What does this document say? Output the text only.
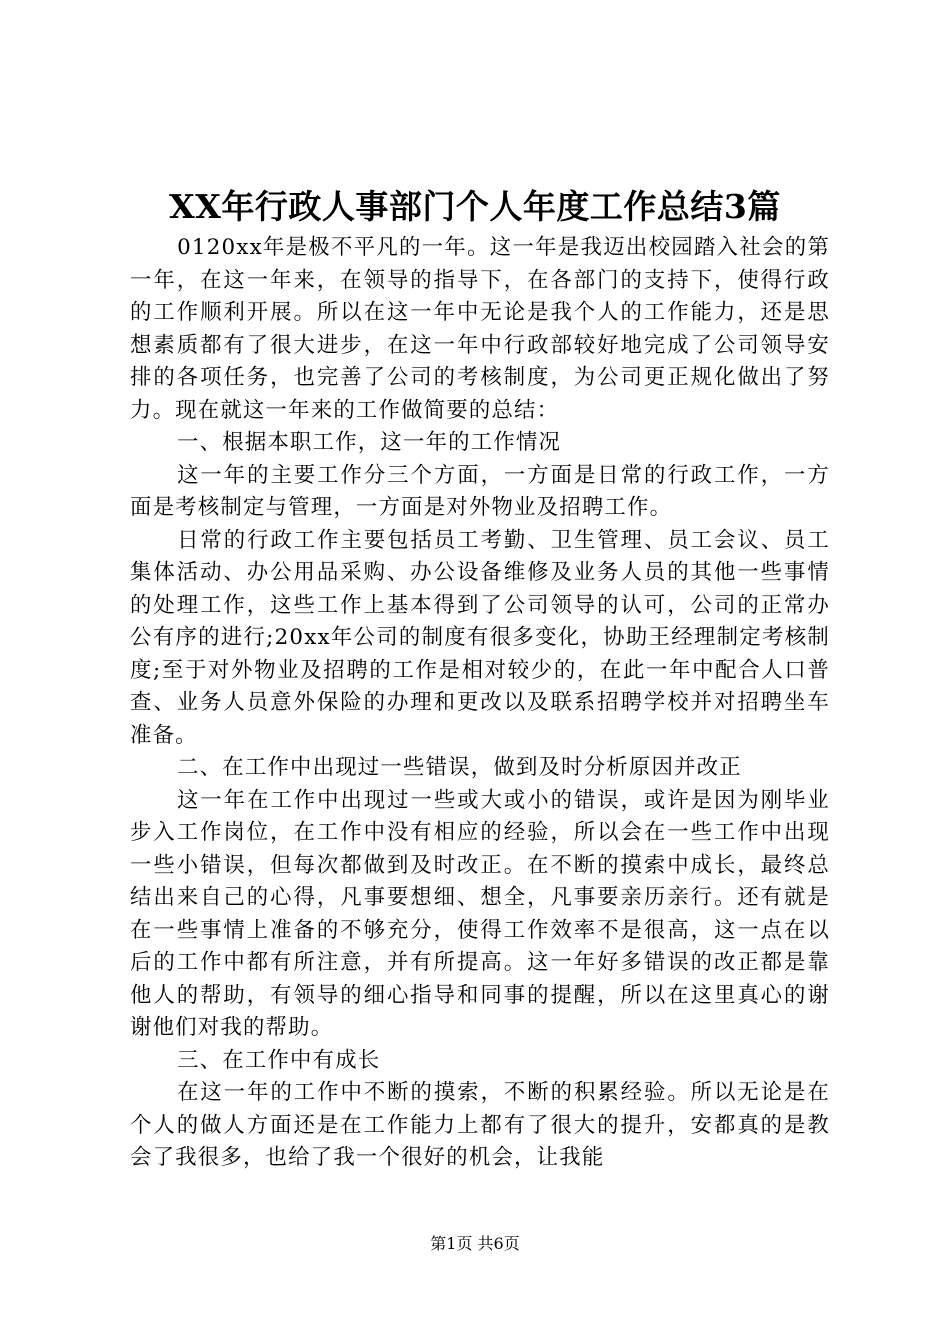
XX年行政人事部门个人年度工作总结3篇

0120xx年是极不平凡的一年。这一年是我迈出校园踏入社会的第一年，在这一年来，在领导的指导下，在各部门的支持下，使得行政的工作顺利开展。所以在这一年中无论是我个人的工作能力，还是思想素质都有了很大进步，在这一年中行政部较好地完成了公司领导安排的各项任务，也完善了公司的考核制度，为公司更正规化做出了努力。现在就这一年来的工作做简要的总结：

一、根据本职工作，这一年的工作情况

这一年的主要工作分三个方面，一方面是日常的行政工作，一方面是考核制定与管理，一方面是对外物业及招聘工作。

日常的行政工作主要包括员工考勤、卫生管理、员工会议、员工集体活动、办公用品采购、办公设备维修及业务人员的其他一些事情的处理工作，这些工作上基本得到了公司领导的认可，公司的正常办公有序的进行;20xx年公司的制度有很多变化，协助王经理制定考核制度;至于对外物业及招聘的工作是相对较少的，在此一年中配合人口普查、业务人员意外保险的办理和更改以及联系招聘学校并对招聘坐车准备。

二、在工作中出现过一些错误，做到及时分析原因并改正

这一年在工作中出现过一些或大或小的错误，或许是因为刚毕业步入工作岗位，在工作中没有相应的经验，所以会在一些工作中出现一些小错误，但每次都做到及时改正。在不断的摸索中成长，最终总结出来自己的心得，凡事要想细、想全，凡事要亲历亲行。还有就是在一些事情上准备的不够充分，使得工作效率不是很高，这一点在以后的工作中都有所注意，并有所提高。这一年好多错误的改正都是靠他人的帮助，有领导的细心指导和同事的提醒，所以在这里真心的谢谢他们对我的帮助。

三、在工作中有成长

在这一年的工作中不断的摸索，不断的积累经验。所以无论是在个人的做人方面还是在工作能力上都有了很大的提升，安都真的是教会了我很多，也给了我一个很好的机会，让我能

第1页 共6页
